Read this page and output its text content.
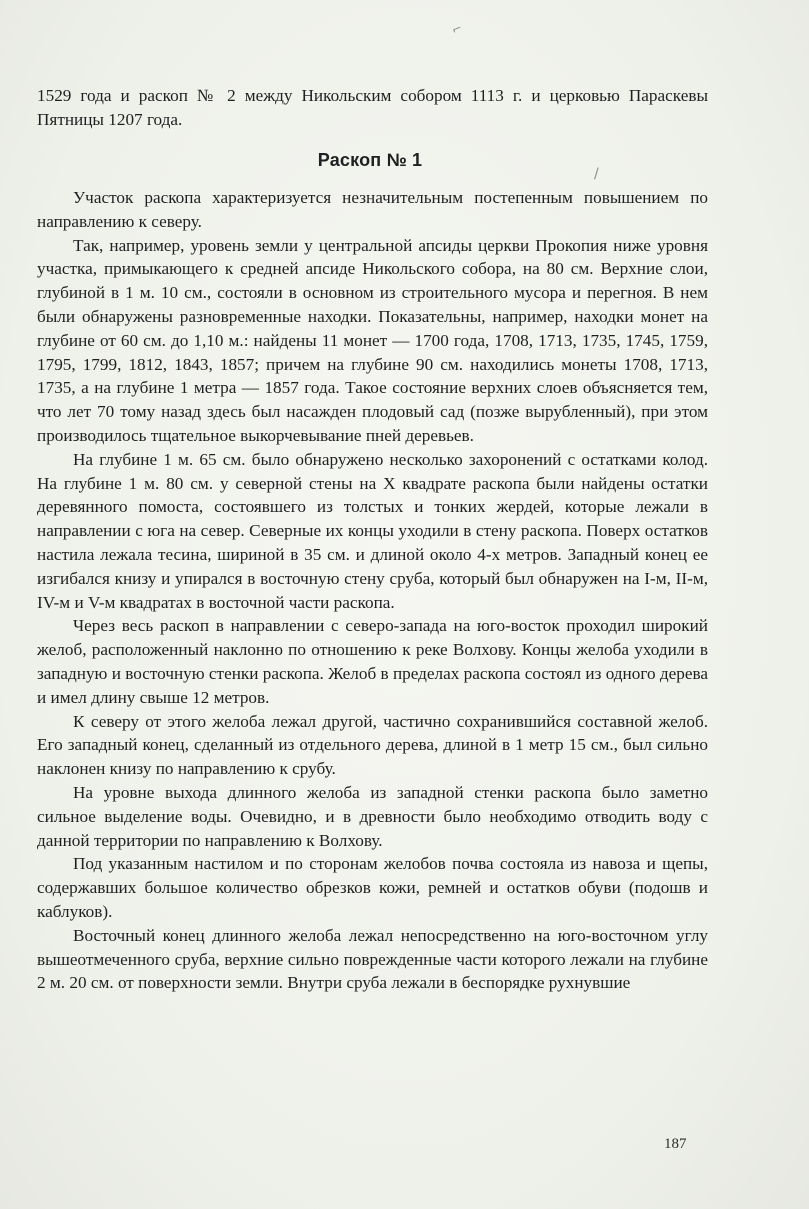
⌐

1529 года и раскоп № 2 между Никольским собором 1113 г. и церковью Параскевы Пятницы 1207 года.

Раскоп № 1
/

Участок раскопа характеризуется незначительным постепенным повышением по направлению к северу.

Так, например, уровень земли у центральной апсиды церкви Прокопия ниже уровня участка, примыкающего к средней апсиде Никольского собора, на 80 см. Верхние слои, глубиной в 1 м. 10 см., состояли в основном из строительного мусора и перегноя. В нем были обнаружены разновременные находки. Показательны, например, находки монет на глубине от 60 см. до 1,10 м.: найдены 11 монет — 1700 года, 1708, 1713, 1735, 1745, 1759, 1795, 1799, 1812, 1843, 1857; причем на глубине 90 см. находились монеты 1708, 1713, 1735, а на глубине 1 метра — 1857 года. Такое состояние верхних слоев объясняется тем, что лет 70 тому назад здесь был насажден плодовый сад (позже вырубленный), при этом производилось тщательное выкорчевывание пней деревьев.

На глубине 1 м. 65 см. было обнаружено несколько захоронений с остатками колод. На глубине 1 м. 80 см. у северной стены на X квадрате раскопа были найдены остатки деревянного помоста, состоявшего из толстых и тонких жердей, которые лежали в направлении с юга на север. Северные их концы уходили в стену раскопа. Поверх остатков настила лежала тесина, шириной в 35 см. и длиной около 4-х метров. Западный конец ее изгибался книзу и упирался в восточную стену сруба, который был обнаружен на I-м, II-м, IV-м и V-м квадратах в восточной части раскопа.

Через весь раскоп в направлении с северо-запада на юго-восток проходил широкий желоб, расположенный наклонно по отношению к реке Волхову. Концы желоба уходили в западную и восточную стенки раскопа. Желоб в пределах раскопа состоял из одного дерева и имел длину свыше 12 метров.

К северу от этого желоба лежал другой, частично сохранившийся составной желоб. Его западный конец, сделанный из отдельного дерева, длиной в 1 метр 15 см., был сильно наклонен книзу по направлению к срубу.

На уровне выхода длинного желоба из западной стенки раскопа было заметно сильное выделение воды. Очевидно, и в древности было необходимо отводить воду с данной территории по направлению к Волхову.

Под указанным настилом и по сторонам желобов почва состояла из навоза и щепы, содержавших большое количество обрезков кожи, ремней и остатков обуви (подошв и каблуков).

Восточный конец длинного желоба лежал непосредственно на юго-восточном углу вышеотмеченного сруба, верхние сильно поврежденные части которого лежали на глубине 2 м. 20 см. от поверхности земли. Внутри сруба лежали в беспорядке рухнувшие

187
